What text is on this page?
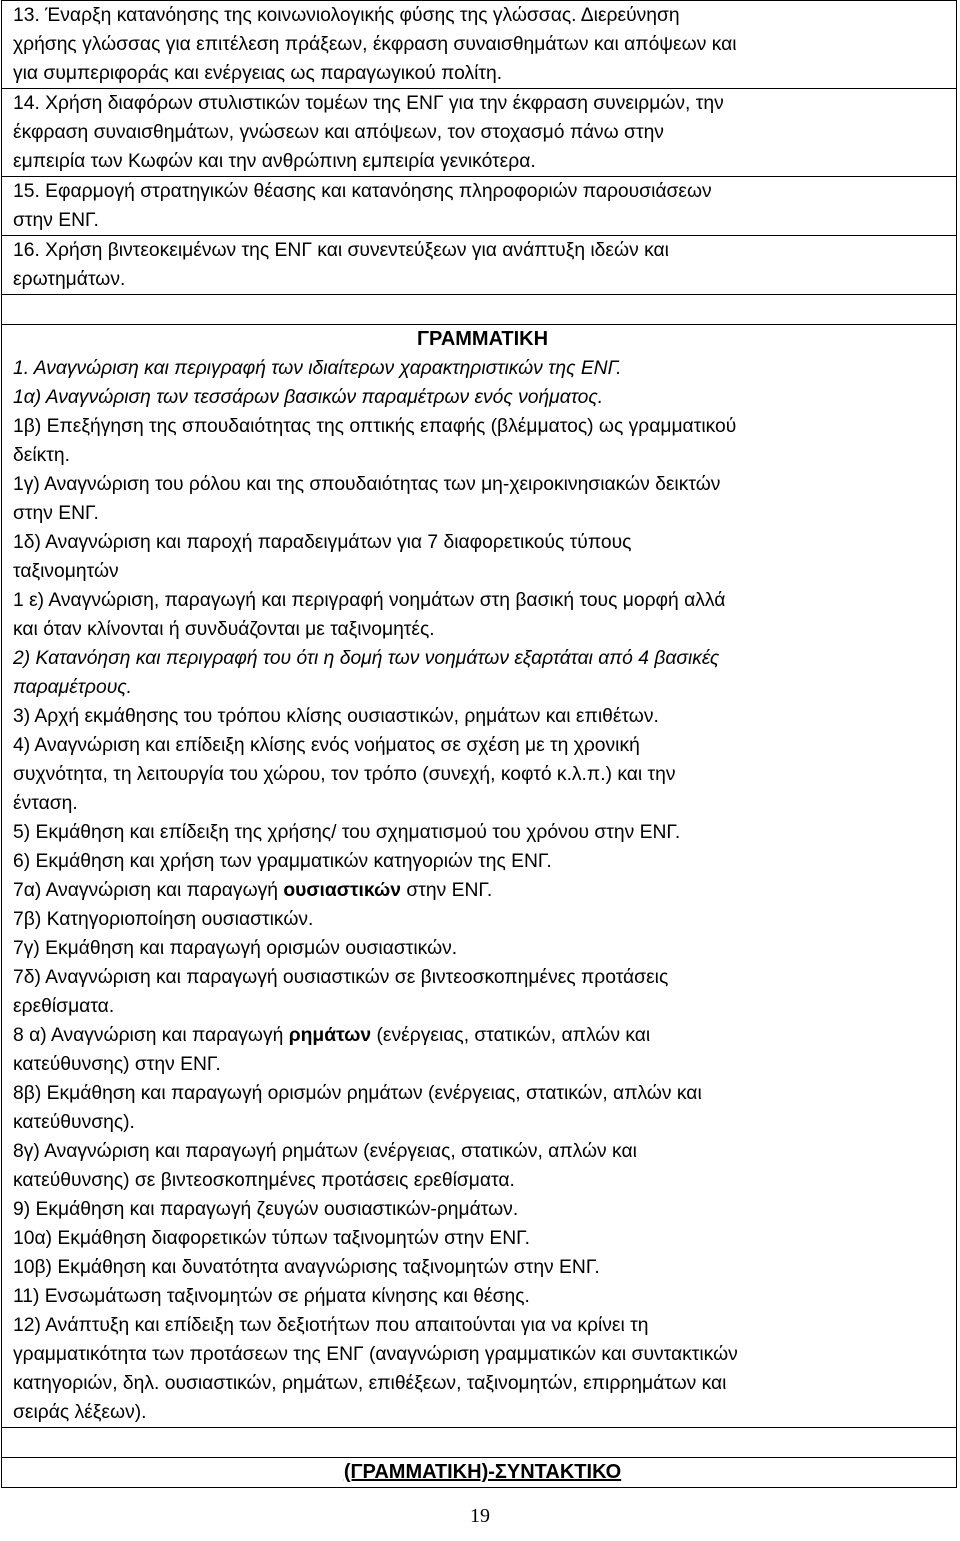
13. Έναρξη κατανόησης της κοινωνιολογικής φύσης της γλώσσας. Διερεύνηση
χρήσης γλώσσας για επιτέλεση πράξεων, έκφραση συναισθημάτων και απόψεων και
για συμπεριφοράς και ενέργειας ως παραγωγικού πολίτη.

14. Χρήση διαφόρων στυλιστικών τομέων της ΕΝΓ για την έκφραση συνειρμών, την
έκφραση συναισθημάτων, γνώσεων και απόψεων, τον στοχασμό πάνω στην
εμπειρία των Κωφών και την ανθρώπινη εμπειρία γενικότερα.

15. Εφαρμογή στρατηγικών θέασης και κατανόησης πληροφοριών παρουσιάσεων
στην ΕΝΓ.

16. Χρήση βιντεοκειμένων της ΕΝΓ και συνεντεύξεων για ανάπτυξη ιδεών και
ερωτημάτων.

ΓΡΑΜΜΑΤΙΚΗ
1. Αναγνώριση και περιγραφή των ιδιαίτερων χαρακτηριστικών της ΕΝΓ.
1α) Αναγνώριση των τεσσάρων βασικών παραμέτρων ενός νοήματος.
1β) Επεξήγηση της σπουδαιότητας της οπτικής επαφής (βλέμματος) ως γραμματικού
δείκτη.
1γ) Αναγνώριση του ρόλου και της σπουδαιότητας των μη-χειροκινησιακών δεικτών
στην ΕΝΓ.
1δ) Αναγνώριση και παροχή παραδειγμάτων για 7 διαφορετικούς τύπους
ταξινομητών
1 ε) Αναγνώριση, παραγωγή και περιγραφή νοημάτων στη βασική τους μορφή αλλά
και όταν κλίνονται ή συνδυάζονται με ταξινομητές.
2) Κατανόηση και περιγραφή του ότι η δομή των νοημάτων εξαρτάται από 4 βασικές
παραμέτρους.
3) Αρχή εκμάθησης του τρόπου κλίσης ουσιαστικών, ρημάτων και επιθέτων.
4) Αναγνώριση και επίδειξη κλίσης ενός νοήματος σε σχέση με τη χρονική
συχνότητα, τη λειτουργία του χώρου, τον τρόπο (συνεχή, κοφτό κ.λ.π.) και την
ένταση.
5) Εκμάθηση και επίδειξη της χρήσης/ του σχηματισμού του χρόνου στην ΕΝΓ.
6) Εκμάθηση και χρήση των γραμματικών κατηγοριών της ΕΝΓ.
7α) Αναγνώριση και παραγωγή ουσιαστικών στην ΕΝΓ.
7β) Κατηγοριοποίηση ουσιαστικών.
7γ) Εκμάθηση και παραγωγή ορισμών ουσιαστικών.
7δ) Αναγνώριση και παραγωγή ουσιαστικών σε βιντεοσκοπημένες προτάσεις
ερεθίσματα.
8 α) Αναγνώριση και παραγωγή ρημάτων (ενέργειας, στατικών, απλών και
κατεύθυνσης) στην ΕΝΓ.
8β) Εκμάθηση και παραγωγή ορισμών ρημάτων (ενέργειας, στατικών, απλών και
κατεύθυνσης).
8γ) Αναγνώριση και παραγωγή ρημάτων (ενέργειας, στατικών, απλών και
κατεύθυνσης) σε βιντεοσκοπημένες προτάσεις ερεθίσματα.
9) Εκμάθηση και παραγωγή ζευγών ουσιαστικών-ρημάτων.
10α) Εκμάθηση διαφορετικών τύπων ταξινομητών στην ΕΝΓ.
10β) Εκμάθηση και δυνατότητα αναγνώρισης ταξινομητών στην ΕΝΓ.
11) Ενσωμάτωση ταξινομητών σε ρήματα κίνησης και θέσης.
12) Ανάπτυξη και επίδειξη των δεξιοτήτων που απαιτούνται για να κρίνει τη
γραμματικότητα των προτάσεων της ΕΝΓ (αναγνώριση γραμματικών και συντακτικών
κατηγοριών, δηλ. ουσιαστικών, ρημάτων, επιθέξεων, ταξινομητών, επιρρημάτων και
σειράς λέξεων).

(ΓΡΑΜΜΑΤΙΚΗ)-ΣΥΝΤΑΚΤΙΚΟ
19
